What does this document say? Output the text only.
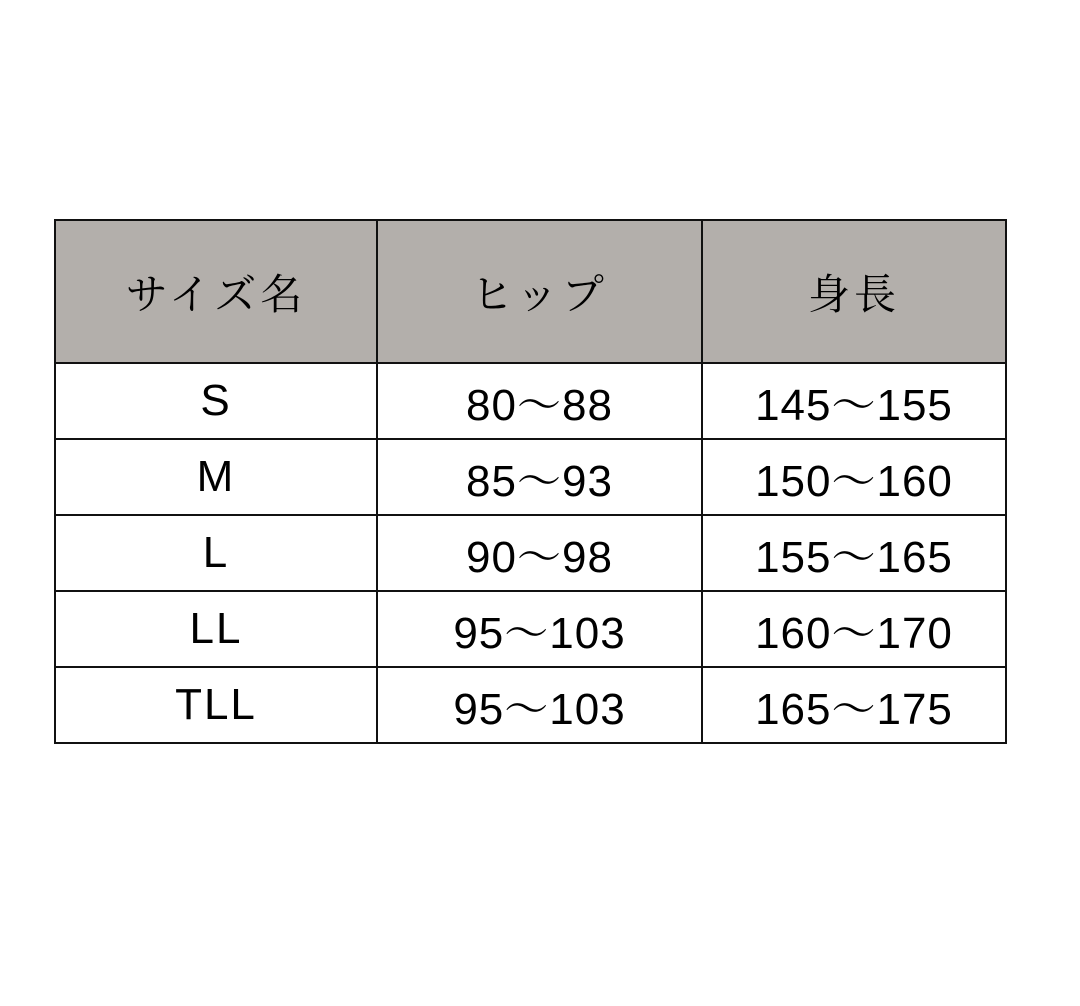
サイズ名	ヒップ	身長
S	80〜88	145〜155
M	85〜93	150〜160
L	90〜98	155〜165
LL	95〜103	160〜170
TLL	95〜103	165〜175
